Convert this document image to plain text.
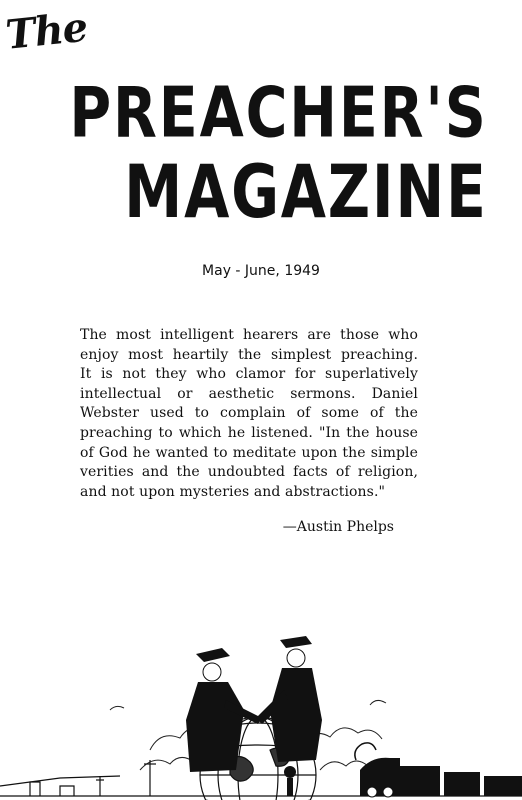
The
PREACHER'S
MAGAZINE
May - June, 1949
The most intelligent hearers are those who
enjoy most heartily the simplest preaching.
It is not they who clamor for superlatively
intellectual or aesthetic sermons. Daniel
Webster used to complain of some of the
preaching to which he listened. "In the house
of God he wanted to meditate upon the simple
verities and the undoubted facts of religion,
and not upon mysteries and abstractions."
—Austin Phelps
